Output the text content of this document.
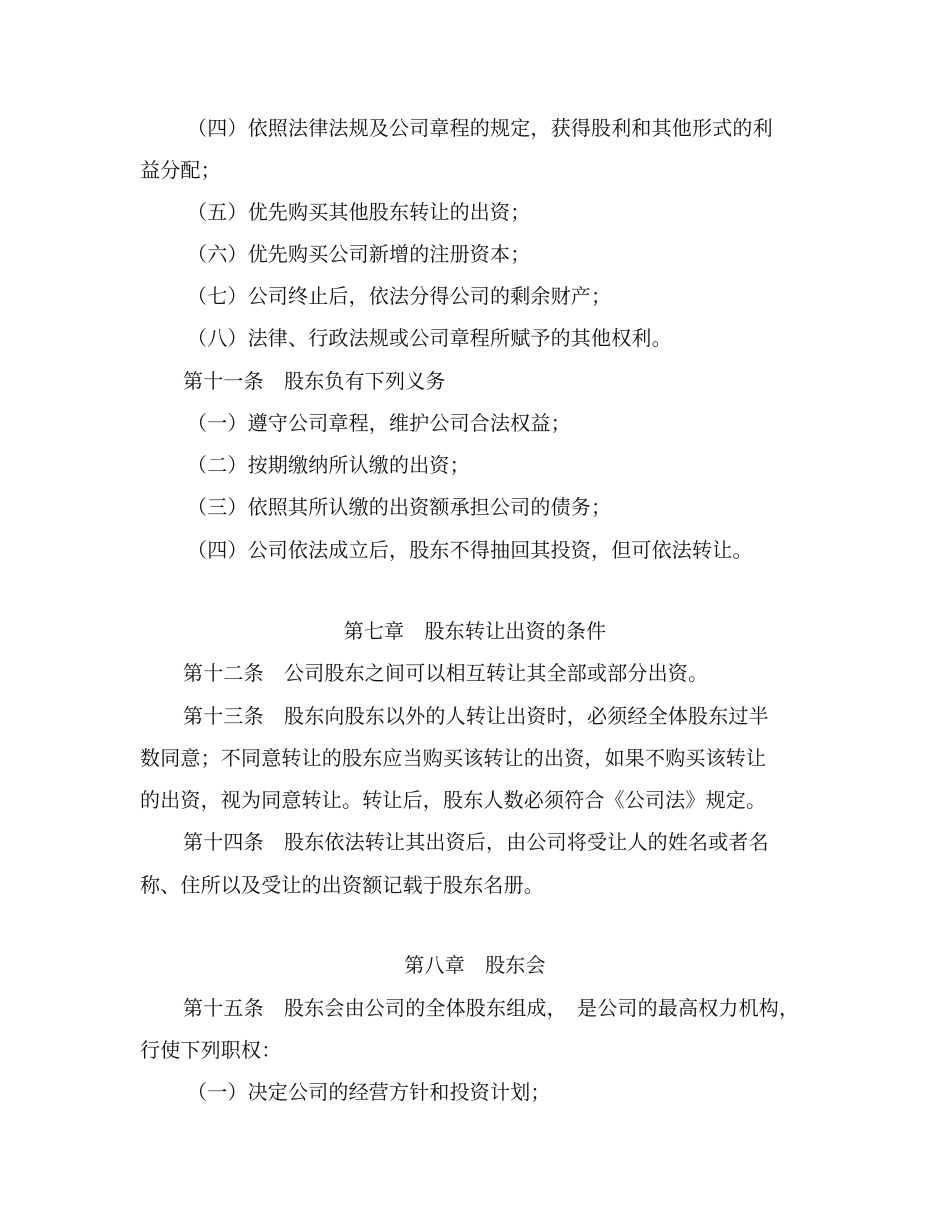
（四）依照法律法规及公司章程的规定，获得股利和其他形式的利
益分配；
（五）优先购买其他股东转让的出资；
（六）优先购买公司新增的注册资本；
（七）公司终止后，依法分得公司的剩余财产；
（八）法律、行政法规或公司章程所赋予的其他权利。
第十一条　股东负有下列义务
（一）遵守公司章程，维护公司合法权益；
（二）按期缴纳所认缴的出资；
（三）依照其所认缴的出资额承担公司的债务；
（四）公司依法成立后，股东不得抽回其投资，但可依法转让。
第七章　股东转让出资的条件
第十二条　公司股东之间可以相互转让其全部或部分出资。
第十三条　股东向股东以外的人转让出资时，必须经全体股东过半
数同意；不同意转让的股东应当购买该转让的出资，如果不购买该转让
的出资，视为同意转让。转让后，股东人数必须符合《公司法》规定。
第十四条　股东依法转让其出资后，由公司将受让人的姓名或者名
称、住所以及受让的出资额记载于股东名册。
第八章　股东会
第十五条　股东会由公司的全体股东组成，　是公司的最高权力机构，
行使下列职权：
（一）决定公司的经营方针和投资计划；
